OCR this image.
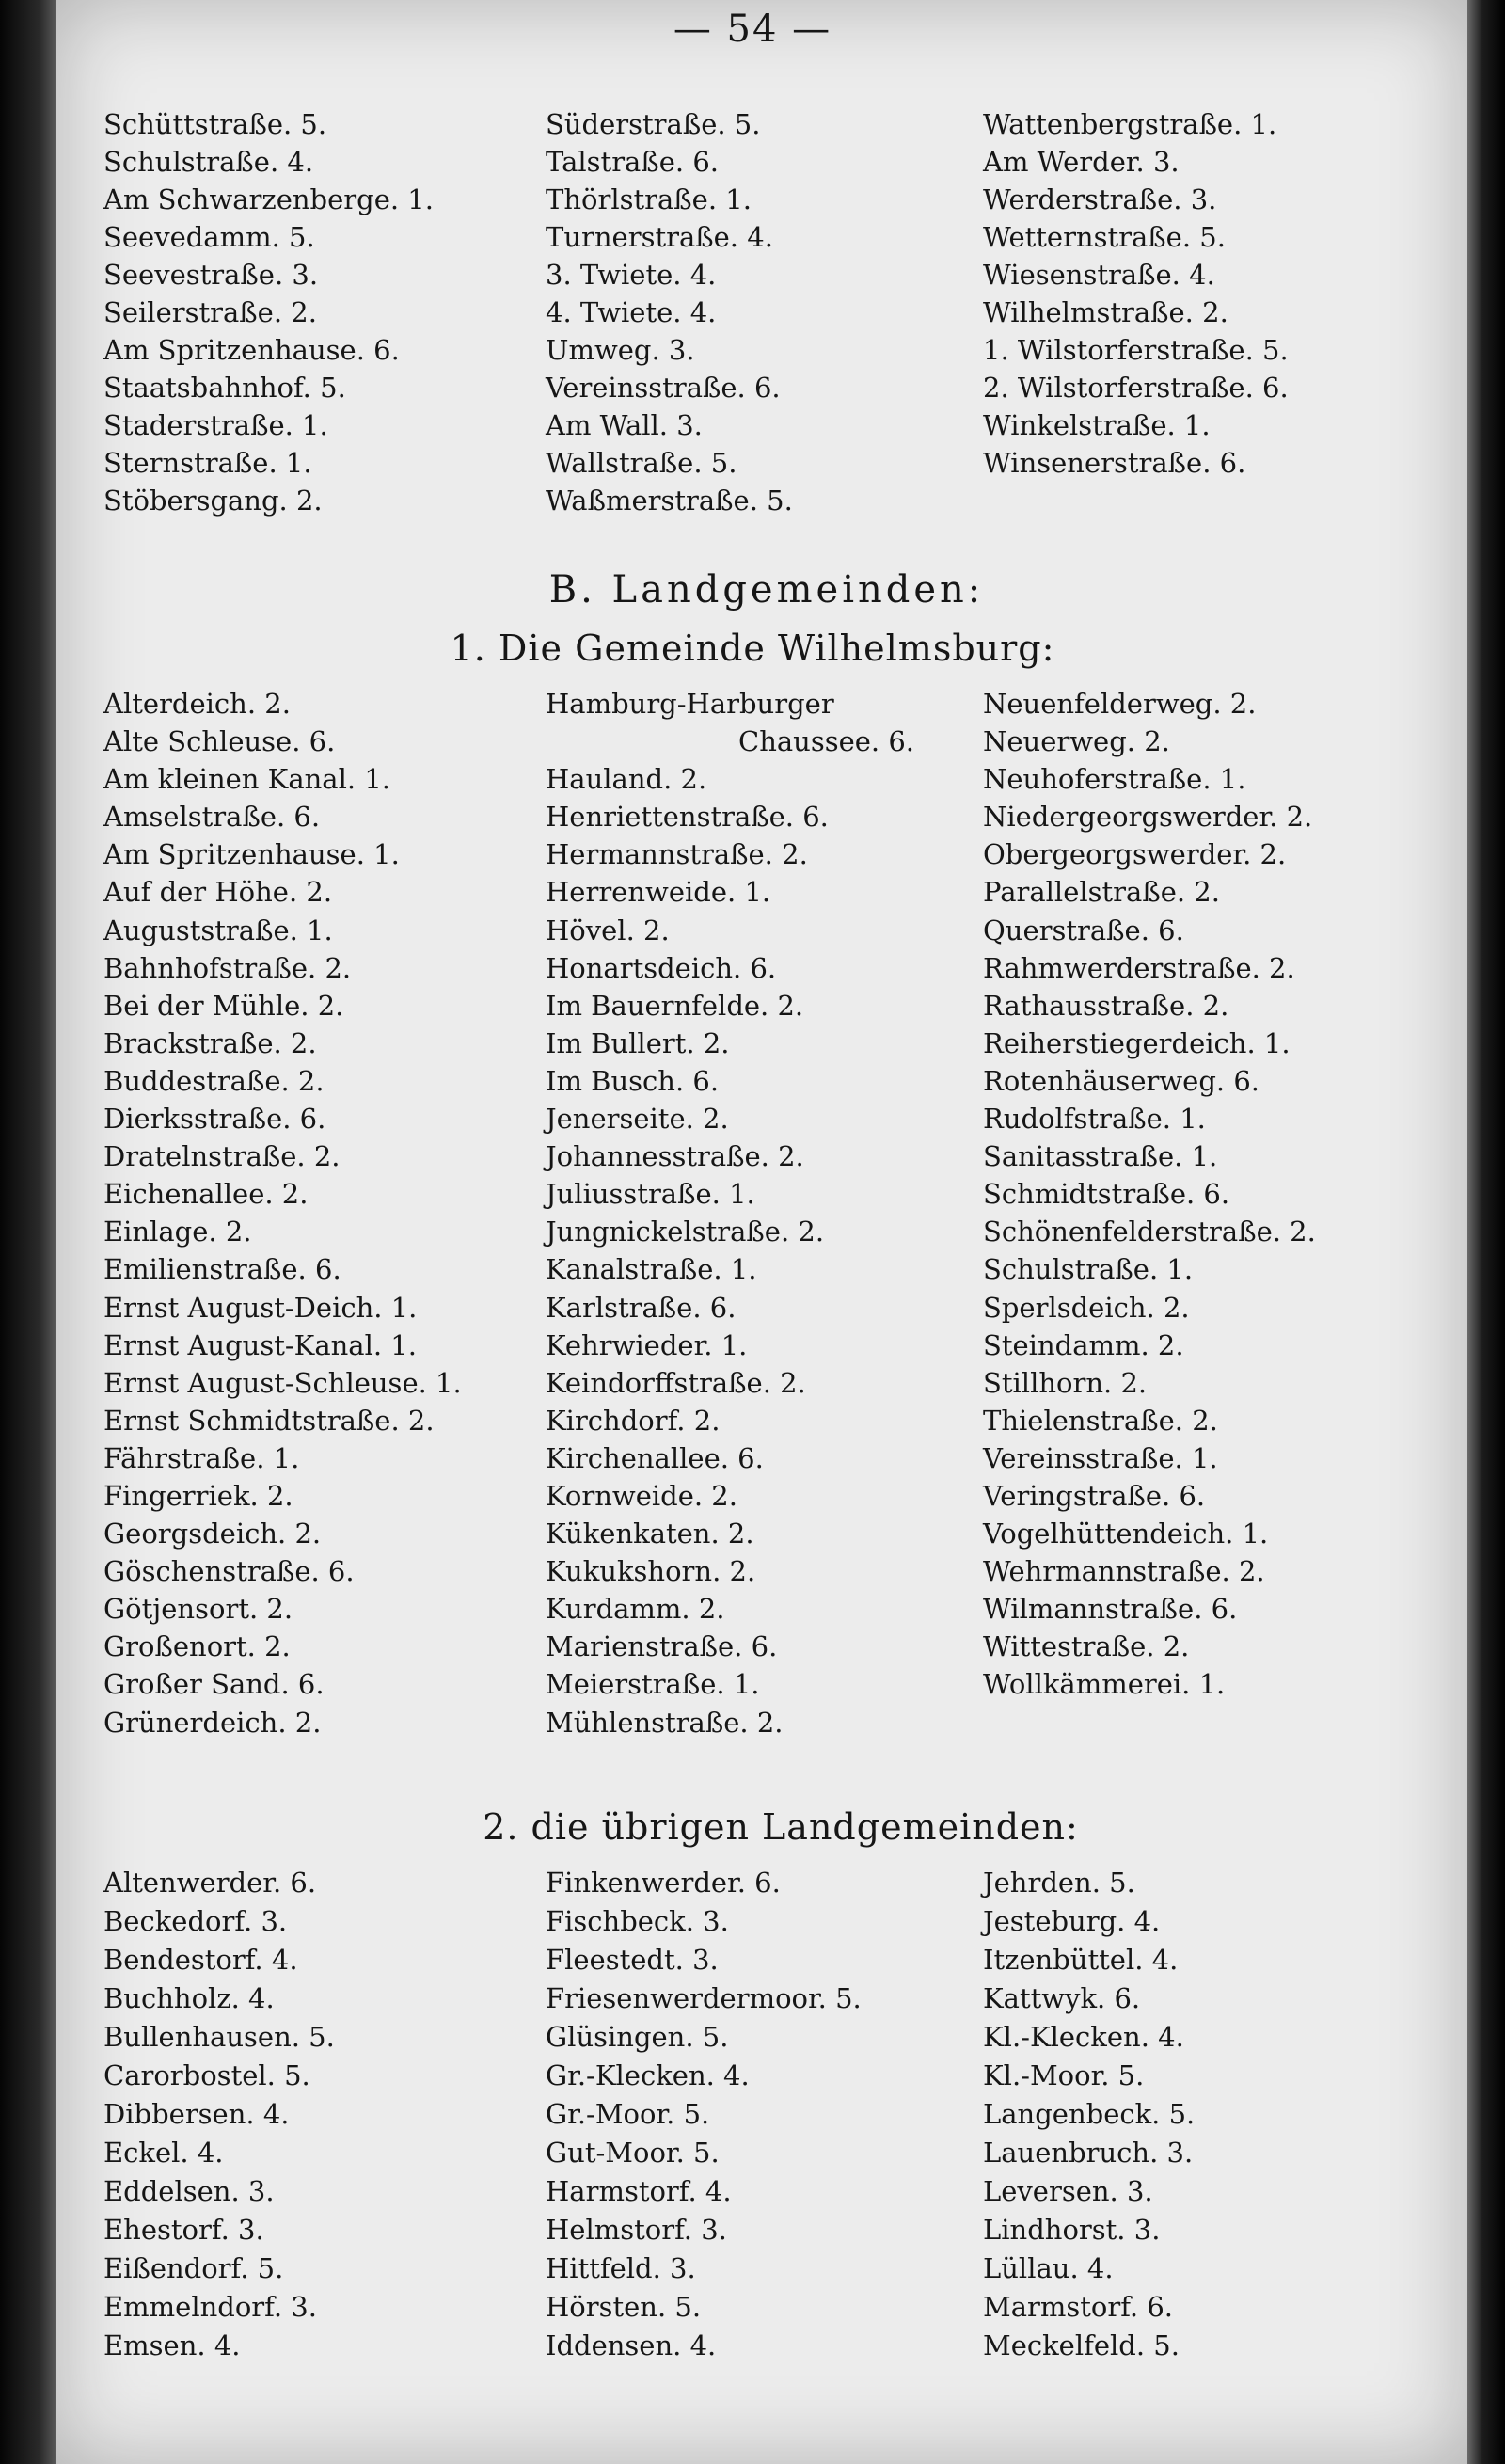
— 54 —
Schüttstraße. 5.
Schulstraße. 4.
Am Schwarzenberge. 1.
Seevedamm. 5.
Seevestraße. 3.
Seilerstraße. 2.
Am Spritzenhause. 6.
Staatsbahnhof. 5.
Staderstraße. 1.
Sternstraße. 1.
Stöbersgang. 2.
Süderstraße. 5.
Talstraße. 6.
Thörlstraße. 1.
Turnerstraße. 4.
3. Twiete. 4.
4. Twiete. 4.
Umweg. 3.
Vereinsstraße. 6.
Am Wall. 3.
Wallstraße. 5.
Waßmerstraße. 5.
Wattenbergstraße. 1.
Am Werder. 3.
Werderstraße. 3.
Wetternstraße. 5.
Wiesenstraße. 4.
Wilhelmstraße. 2.
1. Wilstorferstraße. 5.
2. Wilstorferstraße. 6.
Winkelstraße. 1.
Winsenerstraße. 6.
B. Landgemeinden:
1. Die Gemeinde Wilhelmsburg:
Alterdeich. 2.
Alte Schleuse. 6.
Am kleinen Kanal. 1.
Amselstraße. 6.
Am Spritzenhause. 1.
Auf der Höhe. 2.
Auguststraße. 1.
Bahnhofstraße. 2.
Bei der Mühle. 2.
Brackstraße. 2.
Buddestraße. 2.
Dierksstraße. 6.
Dratelnstraße. 2.
Eichenallee. 2.
Einlage. 2.
Emilienstraße. 6.
Ernst August-Deich. 1.
Ernst August-Kanal. 1.
Ernst August-Schleuse. 1.
Ernst Schmidtstraße. 2.
Fährstraße. 1.
Fingerriek. 2.
Georgsdeich. 2.
Göschenstraße. 6.
Götjensort. 2.
Großenort. 2.
Großer Sand. 6.
Grünerdeich. 2.
Hamburg-Harburger
Chaussee. 6.
Hauland. 2.
Henriettenstraße. 6.
Hermannstraße. 2.
Herrenweide. 1.
Hövel. 2.
Honartsdeich. 6.
Im Bauernfelde. 2.
Im Bullert. 2.
Im Busch. 6.
Jenerseite. 2.
Johannesstraße. 2.
Juliusstraße. 1.
Jungnickelstraße. 2.
Kanalstraße. 1.
Karlstraße. 6.
Kehrwieder. 1.
Keindorffstraße. 2.
Kirchdorf. 2.
Kirchenallee. 6.
Kornweide. 2.
Kükenkaten. 2.
Kukukshorn. 2.
Kurdamm. 2.
Marienstraße. 6.
Meierstraße. 1.
Mühlenstraße. 2.
Neuenfelderweg. 2.
Neuerweg. 2.
Neuhoferstraße. 1.
Niedergeorgswerder. 2.
Obergeorgswerder. 2.
Parallelstraße. 2.
Querstraße. 6.
Rahmwerderstraße. 2.
Rathausstraße. 2.
Reiherstiegerdeich. 1.
Rotenhäuserweg. 6.
Rudolfstraße. 1.
Sanitasstraße. 1.
Schmidtstraße. 6.
Schönenfelderstraße. 2.
Schulstraße. 1.
Sperlsdeich. 2.
Steindamm. 2.
Stillhorn. 2.
Thielenstraße. 2.
Vereinsstraße. 1.
Veringstraße. 6.
Vogelhüttendeich. 1.
Wehrmannstraße. 2.
Wilmannstraße. 6.
Wittestraße. 2.
Wollkämmerei. 1.
2. die übrigen Landgemeinden:
Altenwerder. 6.
Beckedorf. 3.
Bendestorf. 4.
Buchholz. 4.
Bullenhausen. 5.
Carorbostel. 5.
Dibbersen. 4.
Eckel. 4.
Eddelsen. 3.
Ehestorf. 3.
Eißendorf. 5.
Emmelndorf. 3.
Emsen. 4.
Finkenwerder. 6.
Fischbeck. 3.
Fleestedt. 3.
Friesenwerdermoor. 5.
Glüsingen. 5.
Gr.-Klecken. 4.
Gr.-Moor. 5.
Gut-Moor. 5.
Harmstorf. 4.
Helmstorf. 3.
Hittfeld. 3.
Hörsten. 5.
Iddensen. 4.
Jehrden. 5.
Jesteburg. 4.
Itzenbüttel. 4.
Kattwyk. 6.
Kl.-Klecken. 4.
Kl.-Moor. 5.
Langenbeck. 5.
Lauenbruch. 3.
Leversen. 3.
Lindhorst. 3.
Lüllau. 4.
Marmstorf. 6.
Meckelfeld. 5.
